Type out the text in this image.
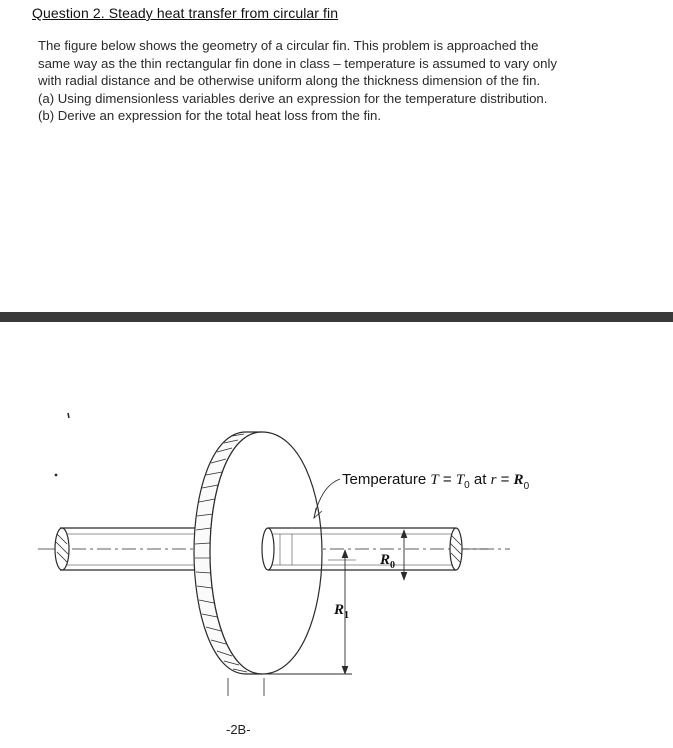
Question 2. Steady heat transfer from circular fin

The figure below shows the geometry of a circular fin. This problem is approached the

same way as the thin rectangular fin done in class – temperature is assumed to vary only

with radial distance and be otherwise uniform along the thickness dimension of the fin.

(a) Using dimensionless variables derive an expression for the temperature distribution.

(b) Derive an expression for the total heat loss from the fin.

Temperature $T = T_0$ at $r = R_0$
$R_0$
$R_1$
-2B-
